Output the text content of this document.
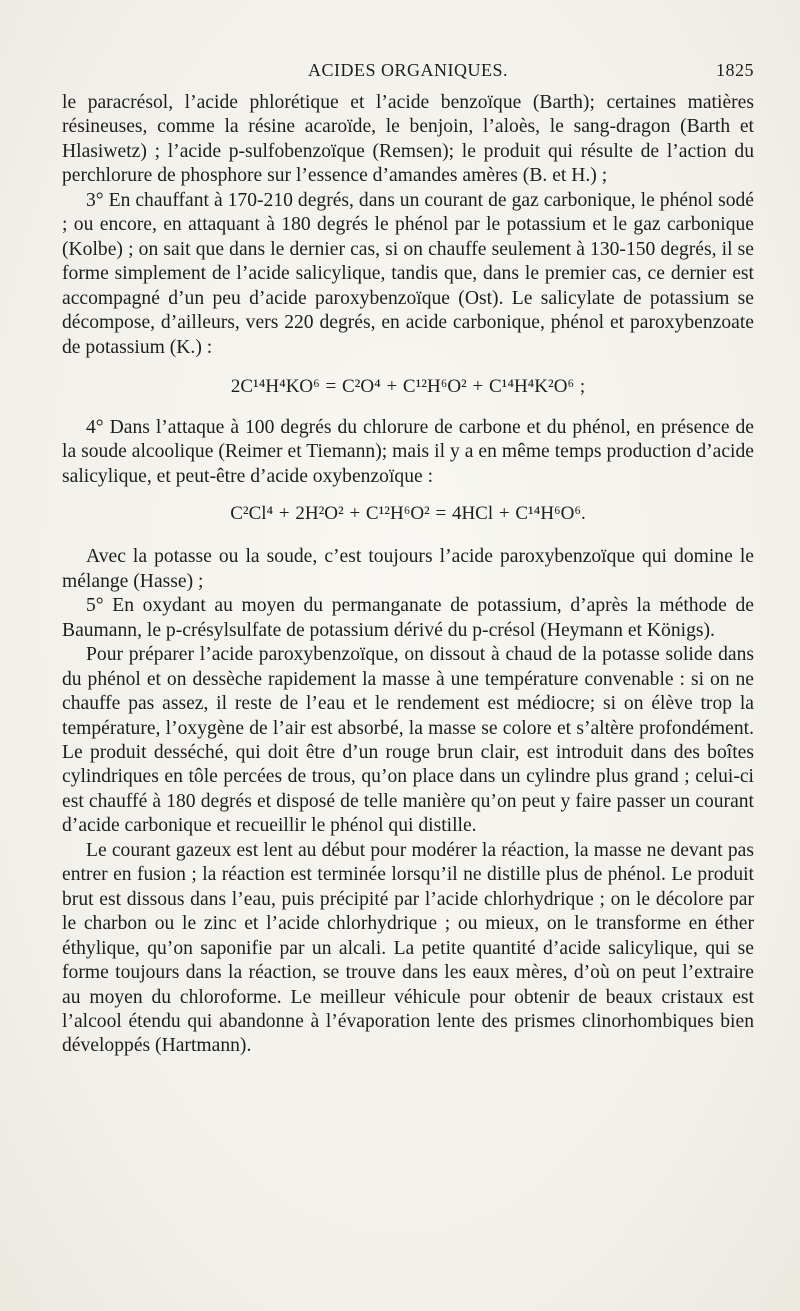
ACIDES ORGANIQUES.	1825

le paracrésol, l’acide phlorétique et l’acide benzoïque (Barth); certaines matières résineuses, comme la résine acaroïde, le benjoin, l’aloès, le sang-dragon (Barth et Hlasiwetz) ; l’acide p-sulfobenzoïque (Remsen); le produit qui résulte de l’action du perchlorure de phosphore sur l’essence d’amandes amères (B. et H.) ;

3° En chauffant à 170-210 degrés, dans un courant de gaz carbonique, le phénol sodé ; ou encore, en attaquant à 180 degrés le phénol par le potassium et le gaz carbonique (Kolbe) ; on sait que dans le dernier cas, si on chauffe seulement à 130-150 degrés, il se forme simplement de l’acide salicylique, tandis que, dans le premier cas, ce dernier est accompagné d’un peu d’acide paroxybenzoïque (Ost). Le salicylate de potassium se décompose, d’ailleurs, vers 220 degrés, en acide carbonique, phénol et paroxybenzoate de potassium (K.) :

2C¹⁴H⁴KO⁶ = C²O⁴ + C¹²H⁶O² + C¹⁴H⁴K²O⁶ ;

4° Dans l’attaque à 100 degrés du chlorure de carbone et du phénol, en présence de la soude alcoolique (Reimer et Tiemann); mais il y a en même temps production d’acide salicylique, et peut-être d’acide oxybenzoïque :

C²Cl⁴ + 2H²O² + C¹²H⁶O² = 4HCl + C¹⁴H⁶O⁶.

Avec la potasse ou la soude, c’est toujours l’acide paroxybenzoïque qui domine le mélange (Hasse) ;

5° En oxydant au moyen du permanganate de potassium, d’après la méthode de Baumann, le p-crésylsulfate de potassium dérivé du p-crésol (Heymann et Königs).

Pour préparer l’acide paroxybenzoïque, on dissout à chaud de la potasse solide dans du phénol et on dessèche rapidement la masse à une température convenable : si on ne chauffe pas assez, il reste de l’eau et le rendement est médiocre; si on élève trop la température, l’oxygène de l’air est absorbé, la masse se colore et s’altère profondément. Le produit desséché, qui doit être d’un rouge brun clair, est introduit dans des boîtes cylindriques en tôle percées de trous, qu’on place dans un cylindre plus grand ; celui-ci est chauffé à 180 degrés et disposé de telle manière qu’on peut y faire passer un courant d’acide carbonique et recueillir le phénol qui distille.

Le courant gazeux est lent au début pour modérer la réaction, la masse ne devant pas entrer en fusion ; la réaction est terminée lorsqu’il ne distille plus de phénol. Le produit brut est dissous dans l’eau, puis précipité par l’acide chlorhydrique ; on le décolore par le charbon ou le zinc et l’acide chlorhydrique ; ou mieux, on le transforme en éther éthylique, qu’on saponifie par un alcali. La petite quantité d’acide salicylique, qui se forme toujours dans la réaction, se trouve dans les eaux mères, d’où on peut l’extraire au moyen du chloroforme. Le meilleur véhicule pour obtenir de beaux cristaux est l’alcool étendu qui abandonne à l’évaporation lente des prismes clinorhombiques bien développés (Hartmann).
